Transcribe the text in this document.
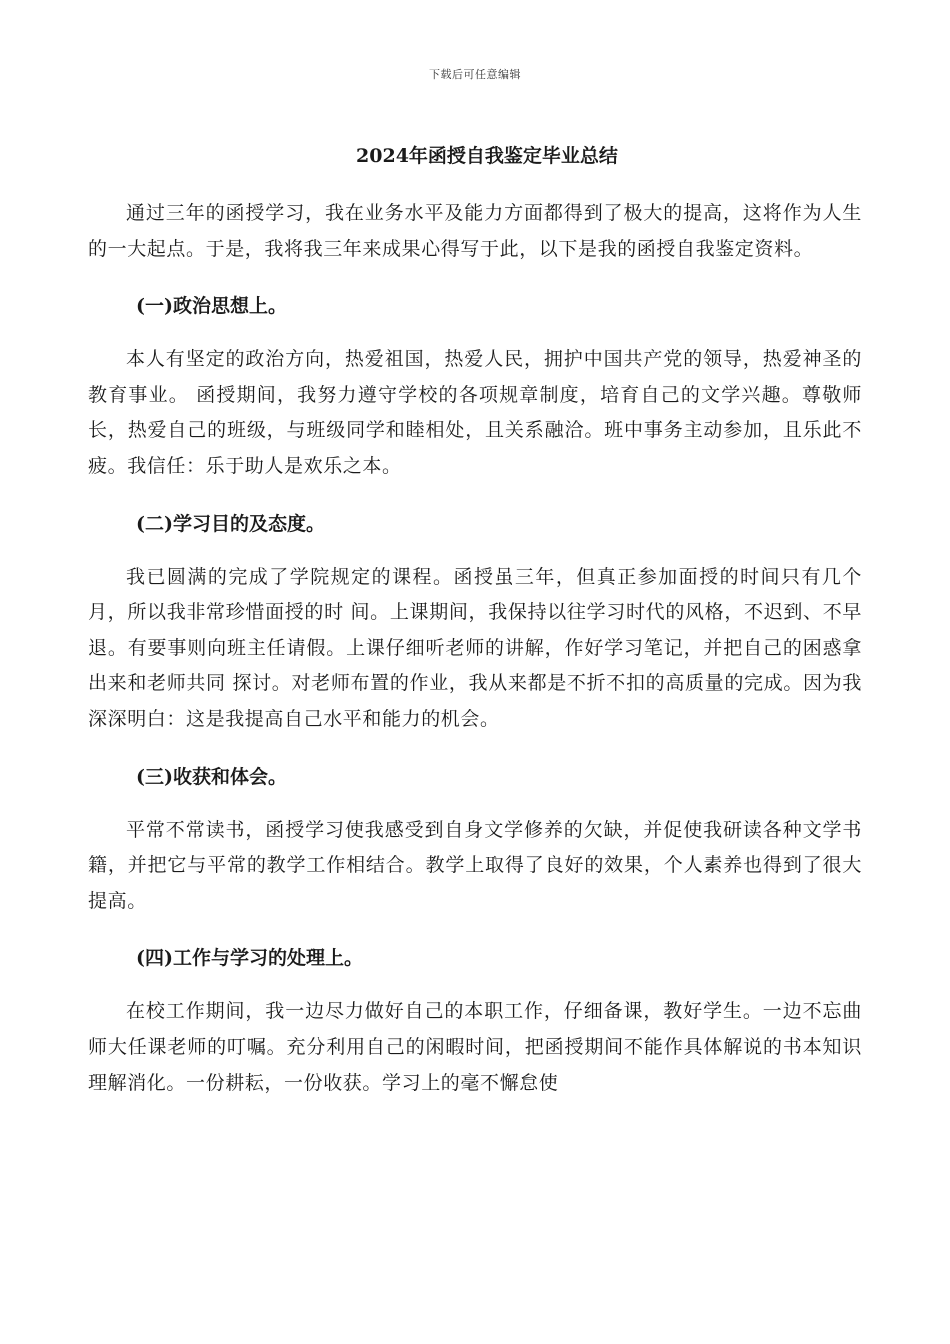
下载后可任意编辑
2024年函授自我鉴定毕业总结

通过三年的函授学习，我在业务水平及能力方面都得到了极大的提高，这将作为人生的一大起点。于是，我将我三年来成果心得写于此，以下是我的函授自我鉴定资料。

(一)政治思想上。

本人有坚定的政治方向，热爱祖国，热爱人民，拥护中国共产党的领导，热爱神圣的教育事业。 函授期间，我努力遵守学校的各项规章制度，培育自己的文学兴趣。尊敬师长，热爱自己的班级，与班级同学和睦相处，且关系融洽。班中事务主动参加，且乐此不 疲。我信任：乐于助人是欢乐之本。

(二)学习目的及态度。

我已圆满的完成了学院规定的课程。函授虽三年，但真正参加面授的时间只有几个月，所以我非常珍惜面授的时 间。上课期间，我保持以往学习时代的风格，不迟到、不早退。有要事则向班主任请假。上课仔细听老师的讲解，作好学习笔记，并把自己的困惑拿出来和老师共同 探讨。对老师布置的作业，我从来都是不折不扣的高质量的完成。因为我深深明白：这是我提高自己水平和能力的机会。

(三)收获和体会。

平常不常读书，函授学习使我感受到自身文学修养的欠缺，并促使我研读各种文学书籍，并把它与平常的教学工作相结合。教学上取得了良好的效果，个人素养也得到了很大提高。

(四)工作与学习的处理上。

在校工作期间，我一边尽力做好自己的本职工作，仔细备课，教好学生。一边不忘曲师大任课老师的叮嘱。充分利用自己的闲暇时间，把函授期间不能作具体解说的书本知识理解消化。一份耕耘，一份收获。学习上的毫不懈怠使
